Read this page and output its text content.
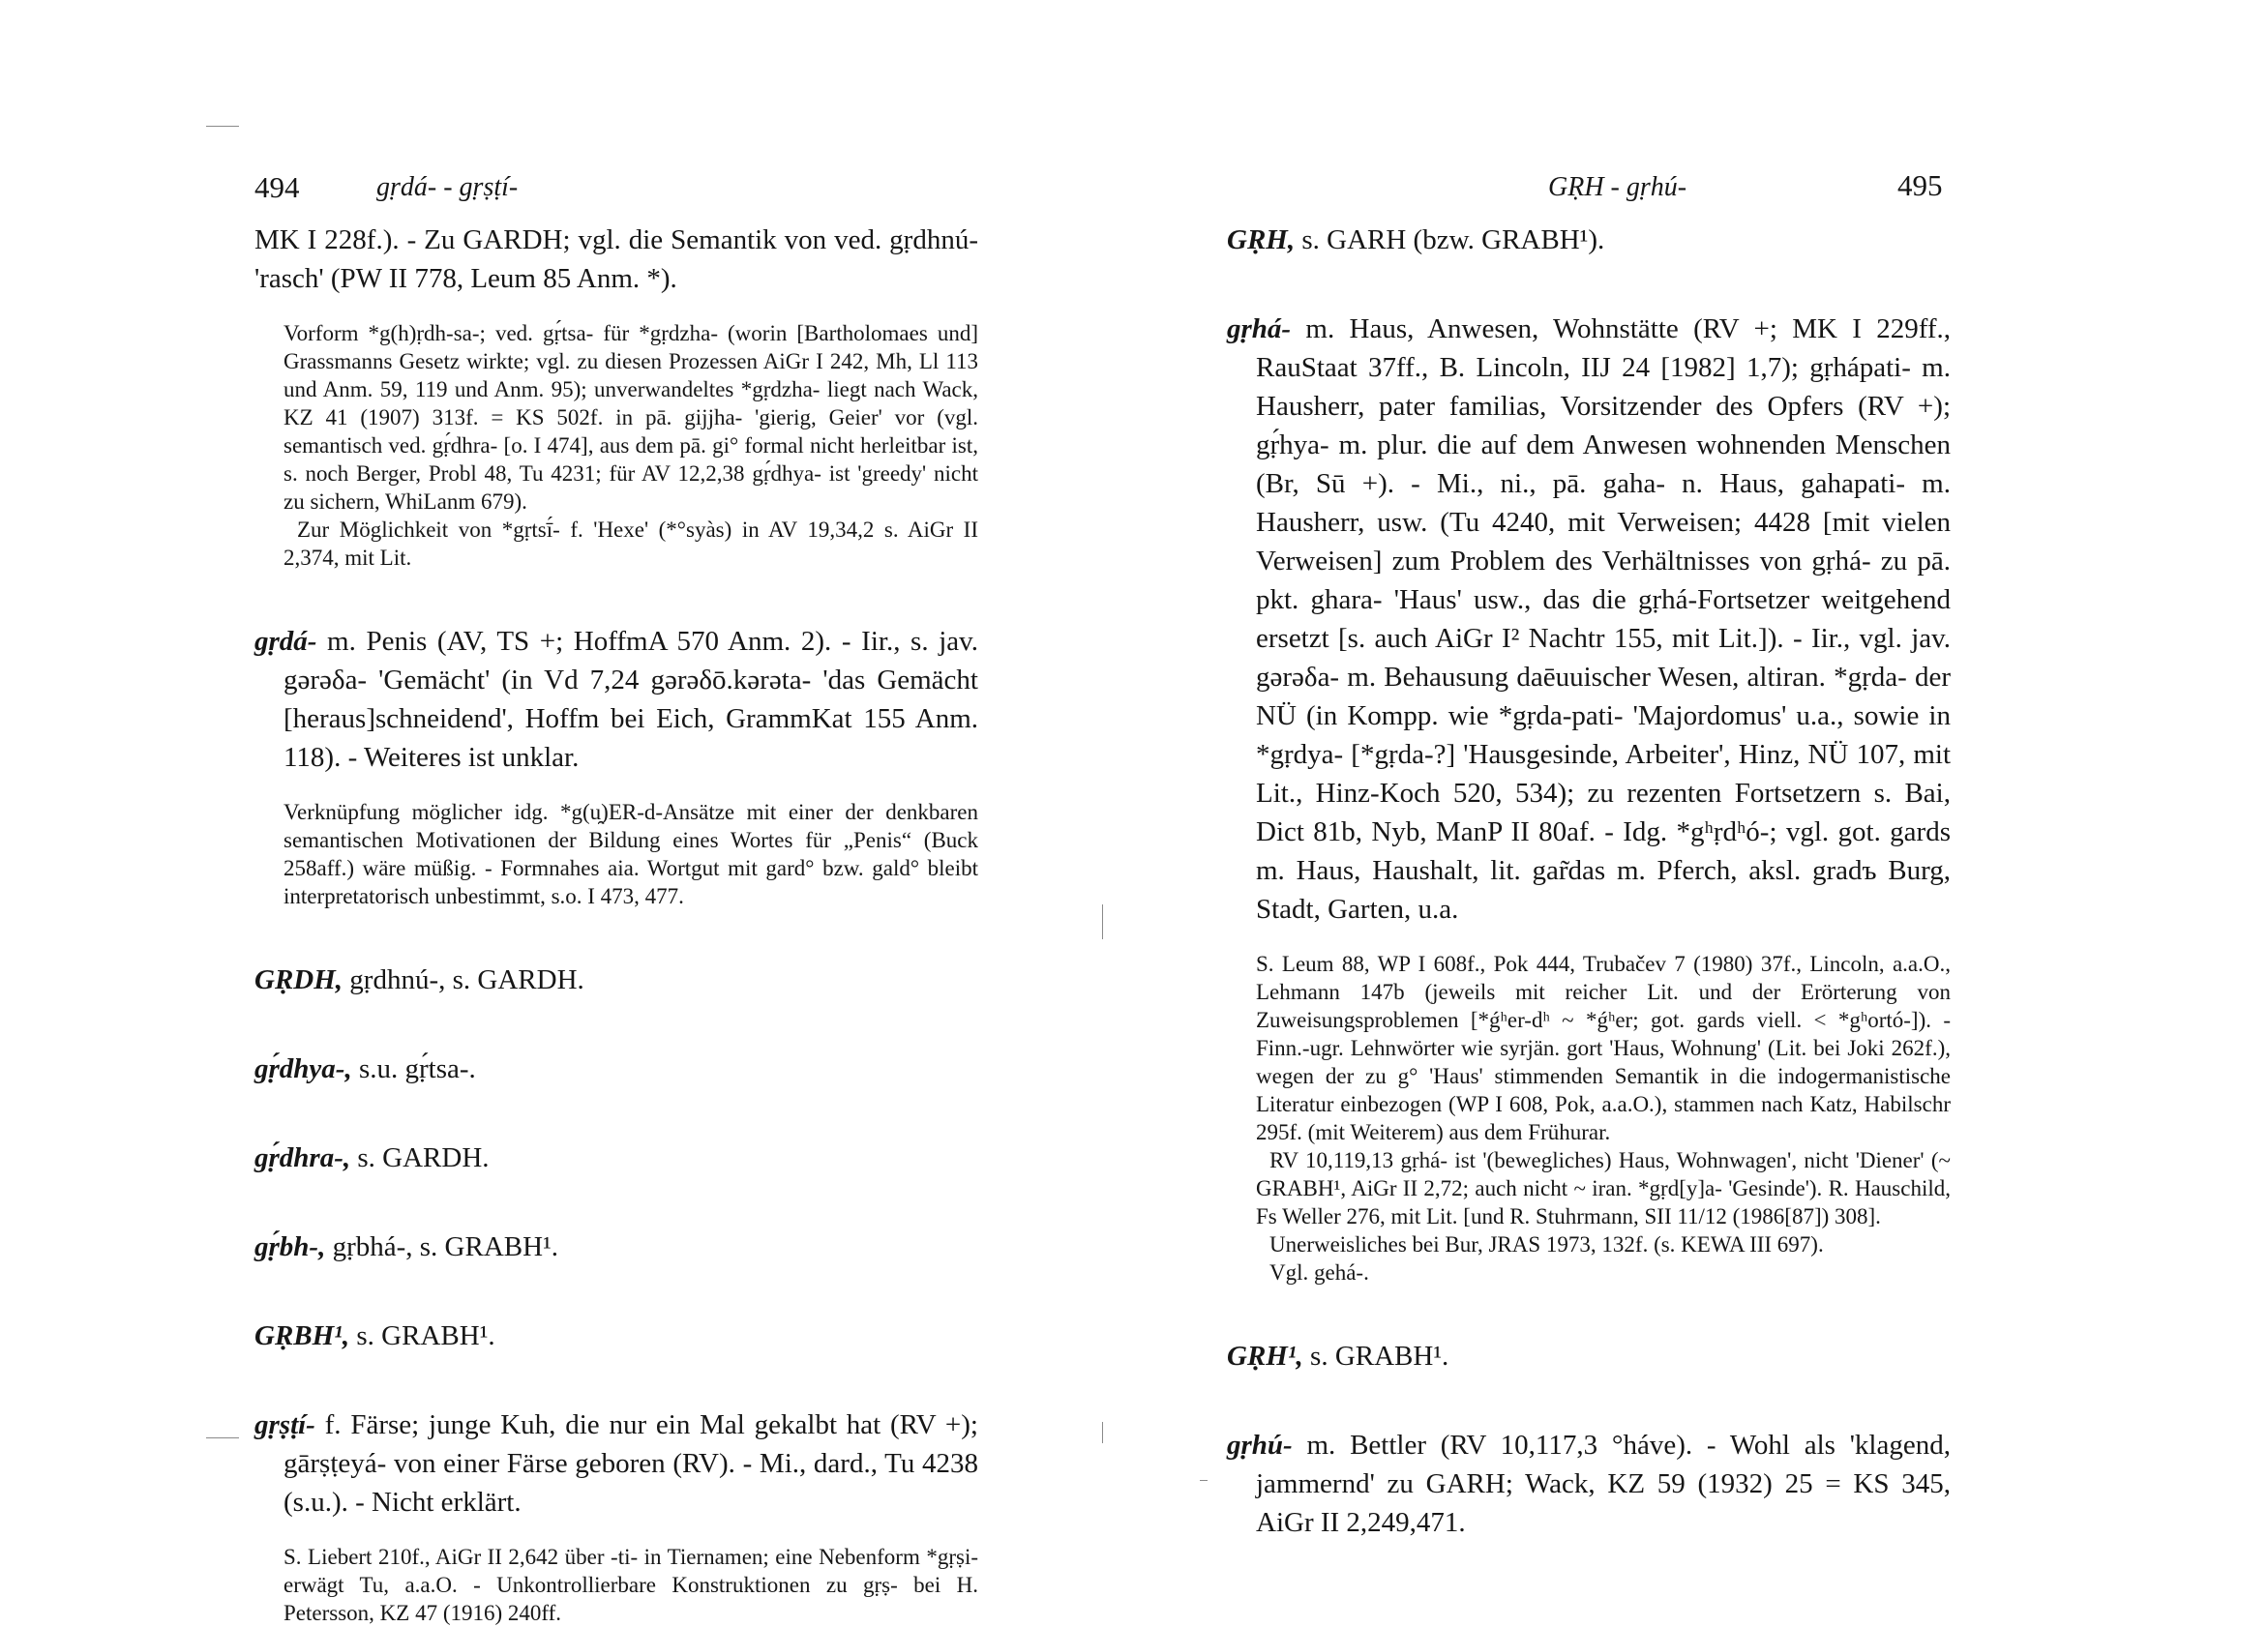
494	gṛdá- - gṛṣṭí-

MK I 228f.). - Zu GARDH; vgl. die Semantik von ved. gṛdhnú- 'rasch' (PW II 778, Leum 85 Anm. *).

Vorform *g(h)ṛdh-sa-; ved. gṛ́tsa- für *gṛdzha- (worin [Bartholomaes und] Grassmanns Gesetz wirkte; vgl. zu diesen Prozessen AiGr I 242, Mh, Ll 113 und Anm. 59, 119 und Anm. 95); unverwandeltes *gṛdzha- liegt nach Wack, KZ 41 (1907) 313f. = KS 502f. in pā. gijjha- 'gierig, Geier' vor (vgl. semantisch ved. gṛ́dhra- [o. I 474], aus dem pā. gi° formal nicht herleitbar ist, s. noch Berger, Probl 48, Tu 4231; für AV 12,2,38 gṛ́dhya- ist 'greedy' nicht zu sichern, WhiLanm 679).

Zur Möglichkeit von *gṛtsī́- f. 'Hexe' (*°syàs) in AV 19,34,2 s. AiGr II 2,374, mit Lit.

gṛdá- m. Penis (AV, TS +; HoffmA 570 Anm. 2). - Iir., s. jav. gərəδa- 'Gemächt' (in Vd 7,24 gərəδō.kərəta- 'das Gemächt [heraus]schneidend', Hoffm bei Eich, GrammKat 155 Anm. 118). - Weiteres ist unklar.

Verknüpfung möglicher idg. *g(u̯)ER-d-Ansätze mit einer der denkbaren semantischen Motivationen der Bildung eines Wortes für „Penis“ (Buck 258aff.) wäre müßig. - Formnahes aia. Wortgut mit gard° bzw. gald° bleibt interpretatorisch unbestimmt, s.o. I 473, 477.

GṚDH, gṛdhnú-, s. GARDH.

gṛ́dhya-, s.u. gṛ́tsa-.

gṛ́dhra-, s. GARDH.

gṛ́bh-, gṛbhá-, s. GRABH¹.

GṚBH¹, s. GRABH¹.

gṛṣṭí- f. Färse; junge Kuh, die nur ein Mal gekalbt hat (RV +); gārṣṭeyá- von einer Färse geboren (RV). - Mi., dard., Tu 4238 (s.u.). - Nicht erklärt.

S. Liebert 210f., AiGr II 2,642 über -ti- in Tiernamen; eine Nebenform *gṛṣi- erwägt Tu, a.a.O. - Unkontrollierbare Konstruktionen zu gṛṣ- bei H. Petersson, KZ 47 (1916) 240ff.

GṚH - gṛhú-	495

GṚH, s. GARH (bzw. GRABH¹).

gṛhá- m. Haus, Anwesen, Wohnstätte (RV +; MK I 229ff., RauStaat 37ff., B. Lincoln, IIJ 24 [1982] 1,7); gṛhápati- m. Hausherr, pater familias, Vorsitzender des Opfers (RV +); gṛ́hya- m. plur. die auf dem Anwesen wohnenden Menschen (Br, Sū +). - Mi., ni., pā. gaha- n. Haus, gahapati- m. Hausherr, usw. (Tu 4240, mit Verweisen; 4428 [mit vielen Verweisen] zum Problem des Verhältnisses von gṛhá- zu pā. pkt. ghara- 'Haus' usw., das die gṛhá-Fortsetzer weitgehend ersetzt [s. auch AiGr I² Nachtr 155, mit Lit.]). - Iir., vgl. jav. gərəδa- m. Behausung daēuuischer Wesen, altiran. *gṛda- der NÜ (in Kompp. wie *gṛda-pati- 'Majordomus' u.a., sowie in *gṛdya- [*gṛda-?] 'Hausgesinde, Arbeiter', Hinz, NÜ 107, mit Lit., Hinz-Koch 520, 534); zu rezenten Fortsetzern s. Bai, Dict 81b, Nyb, ManP II 80af. - Idg. *gʰṛdʰó-; vgl. got. gards m. Haus, Haushalt, lit. gar̃das m. Pferch, aksl. gradъ Burg, Stadt, Garten, u.a.

S. Leum 88, WP I 608f., Pok 444, Trubačev 7 (1980) 37f., Lincoln, a.a.O., Lehmann 147b (jeweils mit reicher Lit. und der Erörterung von Zuweisungsproblemen [*ǵʰer-dʰ ~ *ǵʰer; got. gards viell. < *gʰortó-]). - Finn.-ugr. Lehnwörter wie syrjän. gort 'Haus, Wohnung' (Lit. bei Joki 262f.), wegen der zu g° 'Haus' stimmenden Semantik in die indogermanistische Literatur einbezogen (WP I 608, Pok, a.a.O.), stammen nach Katz, Habilschr 295f. (mit Weiterem) aus dem Frühurar.

RV 10,119,13 gṛhá- ist '(bewegliches) Haus, Wohnwagen', nicht 'Diener' (~ GRABH¹, AiGr II 2,72; auch nicht ~ iran. *gṛd[y]a- 'Gesinde'). R. Hauschild, Fs Weller 276, mit Lit. [und R. Stuhrmann, SII 11/12 (1986[87]) 308].

Unerweisliches bei Bur, JRAS 1973, 132f. (s. KEWA III 697).

Vgl. gehá-.

GṚH¹, s. GRABH¹.

gṛhú- m. Bettler (RV 10,117,3 °háve). - Wohl als 'klagend, jammernd' zu GARH; Wack, KZ 59 (1932) 25 = KS 345, AiGr II 2,249,471.
